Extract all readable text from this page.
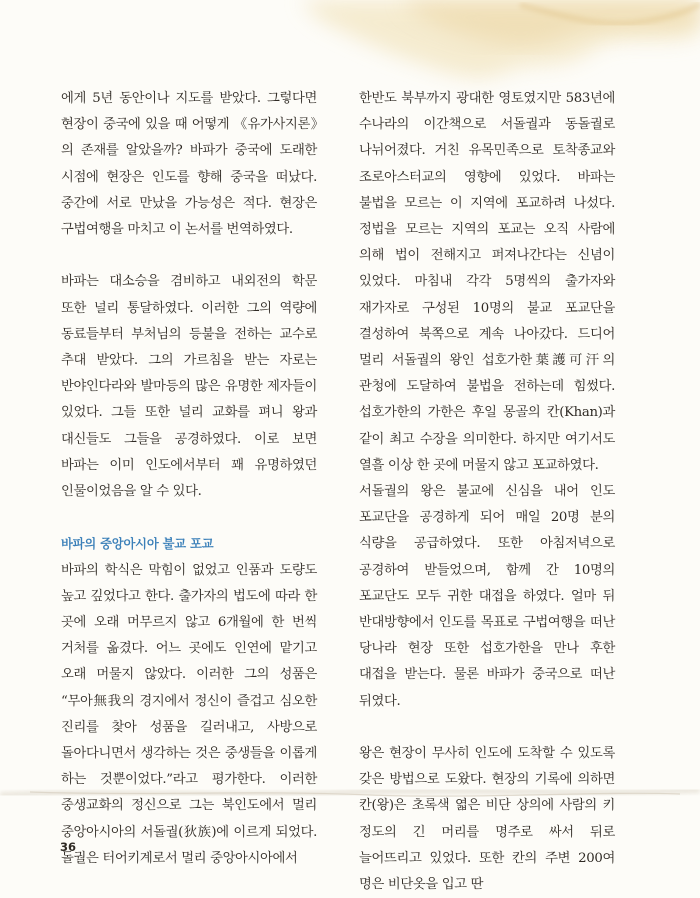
에게 5년 동안이나 지도를 받았다. 그렇다면 현장이 중국에 있을 때 어떻게 《유가사지론》의 존재를 알았을까? 바파가 중국에 도래한 시점에 현장은 인도를 향해 중국을 떠났다. 중간에 서로 만났을 가능성은 적다. 현장은 구법여행을 마치고 이 논서를 번역하였다.

바파는 대소승을 겸비하고 내외전의 학문 또한 널리 통달하였다. 이러한 그의 역량에 동료들부터 부처님의 등불을 전하는 교수로 추대 받았다. 그의 가르침을 받는 자로는 반야인다라와 발마등의 많은 유명한 제자들이 있었다. 그들 또한 널리 교화를 펴니 왕과 대신들도 그들을 공경하였다. 이로 보면 바파는 이미 인도에서부터 꽤 유명하였던 인물이었음을 알 수 있다.

바파의 중앙아시아 불교 포교

바파의 학식은 막힘이 없었고 인품과 도량도 높고 깊었다고 한다. 출가자의 법도에 따라 한 곳에 오래 머무르지 않고 6개월에 한 번씩 거처를 옮겼다. 어느 곳에도 인연에 맡기고 오래 머물지 않았다. 이러한 그의 성품은 “무아無我의 경지에서 정신이 즐겁고 심오한 진리를 찾아 성품을 길러내고, 사방으로 돌아다니면서 생각하는 것은 중생들을 이롭게 하는 것뿐이었다.”라고 평가한다. 이러한 중생교화의 정신으로 그는 북인도에서 멀리 중앙아시아의 서돌궐(狄族)에 이르게 되었다. 돌궐은 터어키계로서 멀리 중앙아시아에서

한반도 북부까지 광대한 영토였지만 583년에 수나라의 이간책으로 서돌궐과 동돌궐로 나뉘어졌다. 거친 유목민족으로 토착종교와 조로아스터교의 영향에 있었다. 바파는 불법을 모르는 이 지역에 포교하려 나섰다. 정법을 모르는 지역의 포교는 오직 사람에 의해 법이 전해지고 퍼져나간다는 신념이 있었다. 마침내 각각 5명씩의 출가자와 재가자로 구성된 10명의 불교 포교단을 결성하여 북쪽으로 계속 나아갔다. 드디어 멀리 서돌궐의 왕인 섭호가한葉護可汗의 관청에 도달하여 불법을 전하는데 힘썼다. 섭호가한의 가한은 후일 몽골의 칸(Khan)과 같이 최고 수장을 의미한다. 하지만 여기서도 열흘 이상 한 곳에 머물지 않고 포교하였다.

서돌궐의 왕은 불교에 신심을 내어 인도 포교단을 공경하게 되어 매일 20명 분의 식량을 공급하였다. 또한 아침저녁으로 공경하여 받들었으며, 함께 간 10명의 포교단도 모두 귀한 대접을 하였다. 얼마 뒤 반대방향에서 인도를 목표로 구법여행을 떠난 당나라 현장 또한 섭호가한을 만나 후한 대접을 받는다. 물론 바파가 중국으로 떠난 뒤였다.

왕은 현장이 무사히 인도에 도착할 수 있도록 갖은 방법으로 도왔다. 현장의 기록에 의하면 칸(왕)은 초록색 엷은 비단 상의에 사람의 키 정도의 긴 머리를 명주로 싸서 뒤로 늘어뜨리고 있었다. 또한 칸의 주변 200여 명은 비단옷을 입고 딴

36
